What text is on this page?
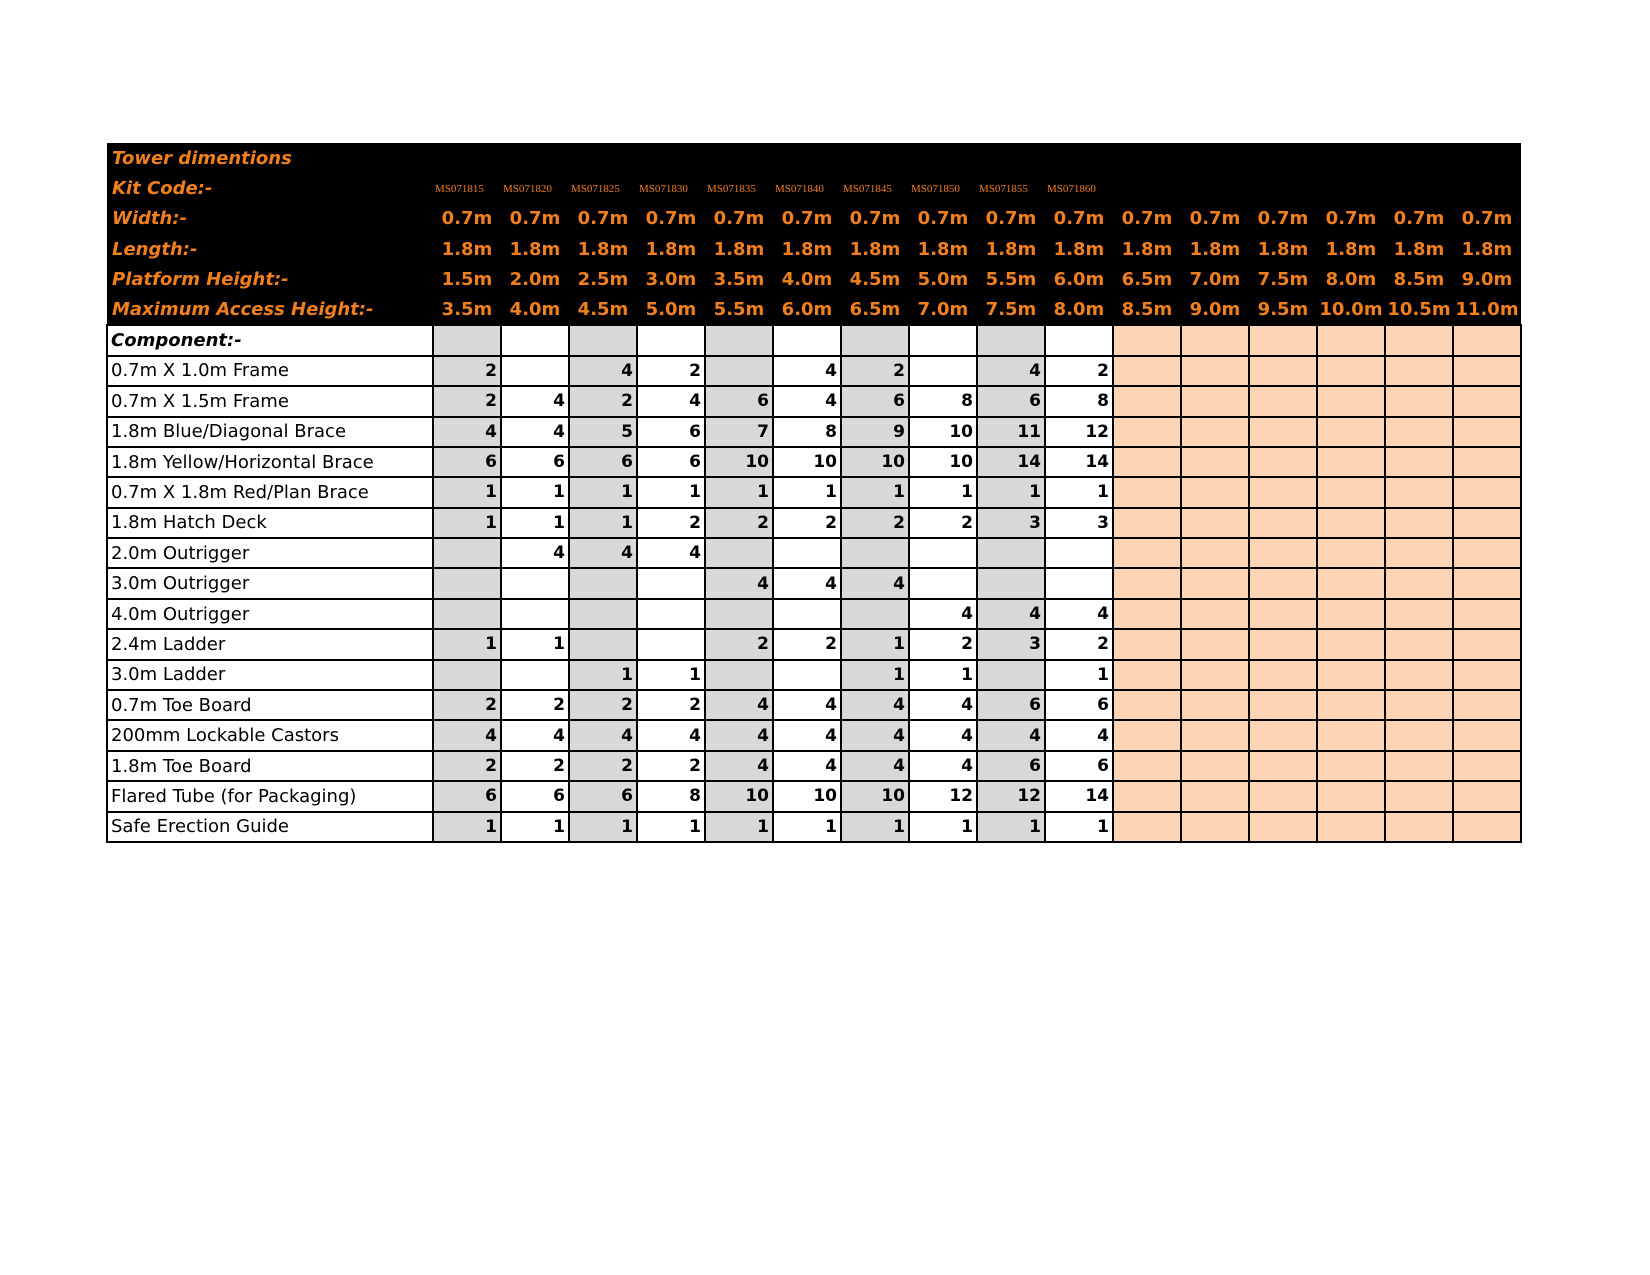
Tower dimentions																
Kit Code:-	MS071815	MS071820	MS071825	MS071830	MS071835	MS071840	MS071845	MS071850	MS071855	MS071860						
Width:-	0.7m	0.7m	0.7m	0.7m	0.7m	0.7m	0.7m	0.7m	0.7m	0.7m	0.7m	0.7m	0.7m	0.7m	0.7m	0.7m
Length:-	1.8m	1.8m	1.8m	1.8m	1.8m	1.8m	1.8m	1.8m	1.8m	1.8m	1.8m	1.8m	1.8m	1.8m	1.8m	1.8m
Platform Height:-	1.5m	2.0m	2.5m	3.0m	3.5m	4.0m	4.5m	5.0m	5.5m	6.0m	6.5m	7.0m	7.5m	8.0m	8.5m	9.0m
Maximum Access Height:-	3.5m	4.0m	4.5m	5.0m	5.5m	6.0m	6.5m	7.0m	7.5m	8.0m	8.5m	9.0m	9.5m	10.0m	10.5m	11.0m
Component:-																
0.7m X 1.0m Frame	2		4	2		4	2		4	2						
0.7m X 1.5m Frame	2	4	2	4	6	4	6	8	6	8						
1.8m Blue/Diagonal Brace	4	4	5	6	7	8	9	10	11	12						
1.8m Yellow/Horizontal Brace	6	6	6	6	10	10	10	10	14	14						
0.7m X 1.8m Red/Plan Brace	1	1	1	1	1	1	1	1	1	1						
1.8m Hatch Deck	1	1	1	2	2	2	2	2	3	3						
2.0m Outrigger		4	4	4												
3.0m Outrigger					4	4	4									
4.0m Outrigger								4	4	4						
2.4m Ladder	1	1			2	2	1	2	3	2						
3.0m Ladder			1	1			1	1		1						
0.7m Toe Board	2	2	2	2	4	4	4	4	6	6						
200mm Lockable Castors	4	4	4	4	4	4	4	4	4	4						
1.8m Toe Board	2	2	2	2	4	4	4	4	6	6						
Flared Tube (for Packaging)	6	6	6	8	10	10	10	12	12	14						
Safe Erection Guide	1	1	1	1	1	1	1	1	1	1						
